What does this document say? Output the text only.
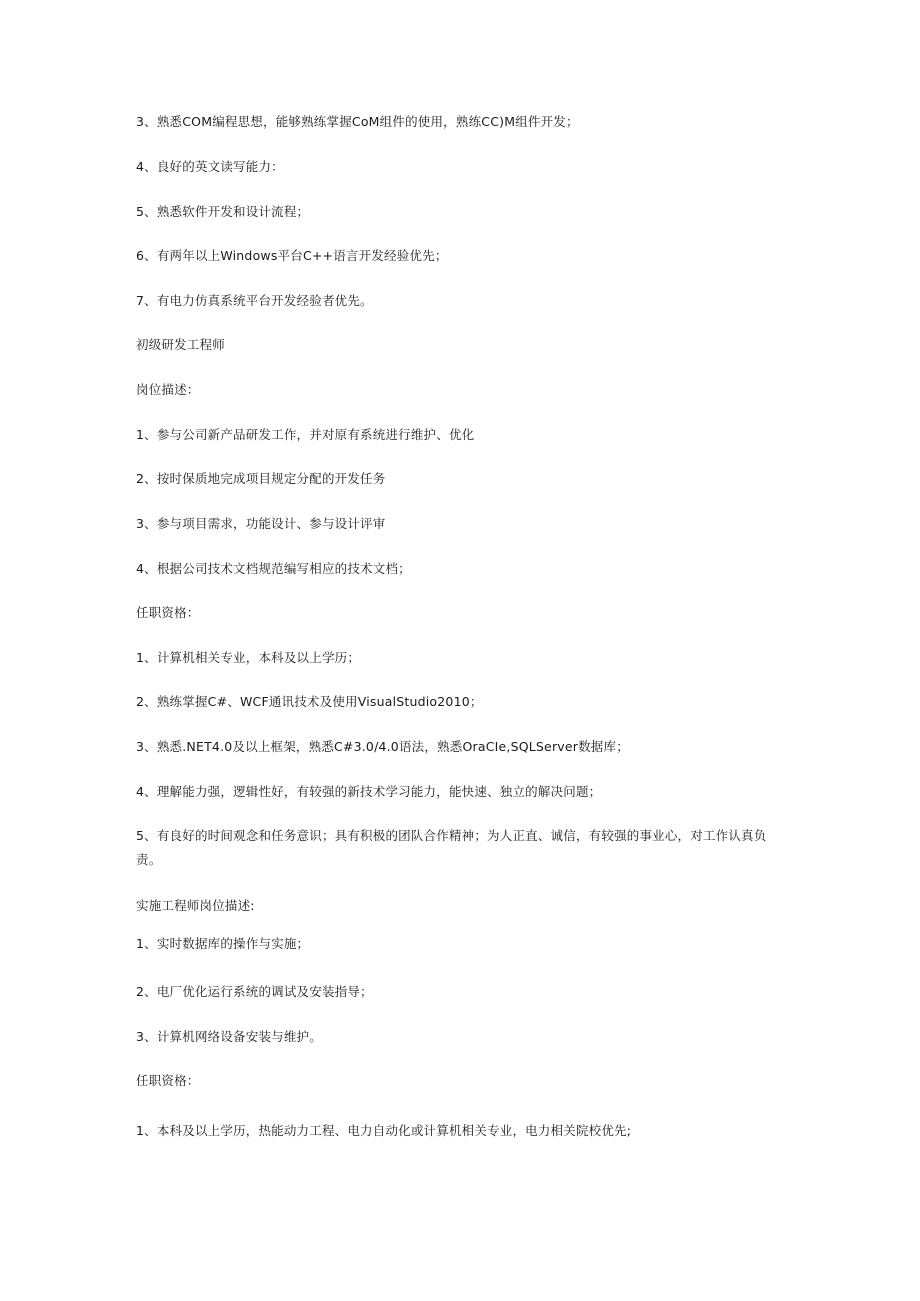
3、熟悉COM编程思想，能够熟练掌握CoM组件的使用，熟练CC)M组件开发；
4、良好的英文读写能力：
5、熟悉软件开发和设计流程；
6、有两年以上Windows平台C++语言开发经验优先；
7、有电力仿真系统平台开发经验者优先。
初级研发工程师
岗位描述：
1、参与公司新产品研发工作，并对原有系统进行维护、优化
2、按时保质地完成项目规定分配的开发任务
3、参与项目需求，功能设计、参与设计评审
4、根据公司技术文档规范编写相应的技术文档；
任职资格：
1、计算机相关专业，本科及以上学历；
2、熟练掌握C#、WCF通讯技术及使用VisualStudio2010；
3、熟悉.NET4.0及以上框架，熟悉C#3.0/4.0语法，熟悉OraCIe,SQLServer数据库；
4、理解能力强，逻辑性好，有较强的新技术学习能力，能快速、独立的解决问题；
5、有良好的时间观念和任务意识；具有积极的团队合作精神；为人正直、诚信，有较强的事业心，对工作认真负责。
实施工程师岗位描述:
1、实时数据库的操作与实施；
2、电厂优化运行系统的调试及安装指导；
3、计算机网络设备安装与维护。
任职资格：
1、本科及以上学历，热能动力工程、电力自动化或计算机相关专业，电力相关院校优先;
